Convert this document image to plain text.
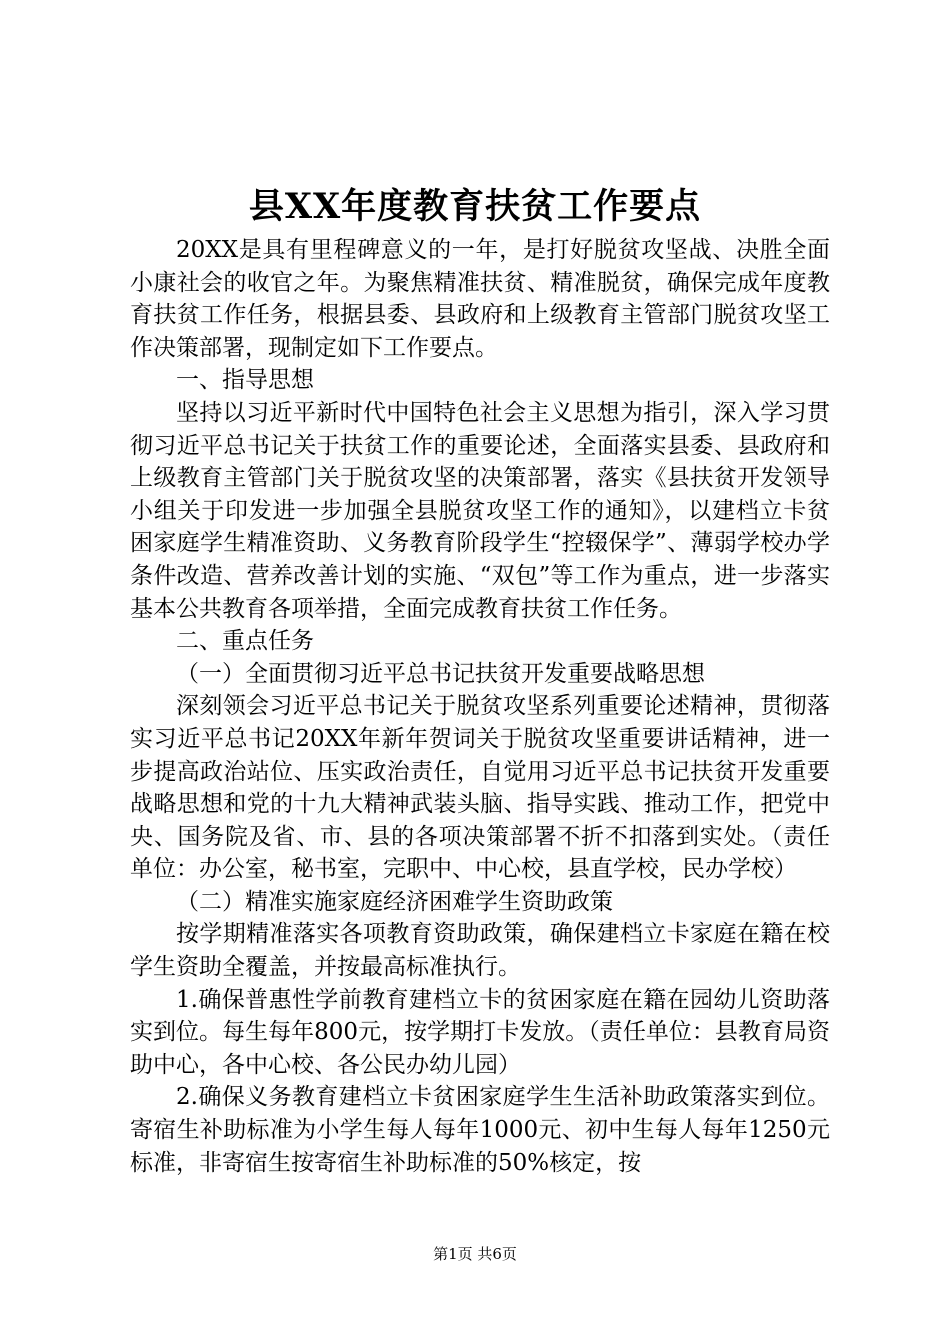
县XX年度教育扶贫工作要点

20XX是具有里程碑意义的一年，是打好脱贫攻坚战、决胜全面小康社会的收官之年。为聚焦精准扶贫、精准脱贫，确保完成年度教育扶贫工作任务，根据县委、县政府和上级教育主管部门脱贫攻坚工作决策部署，现制定如下工作要点。

一、指导思想

坚持以习近平新时代中国特色社会主义思想为指引，深入学习贯彻习近平总书记关于扶贫工作的重要论述，全面落实县委、县政府和上级教育主管部门关于脱贫攻坚的决策部署，落实《县扶贫开发领导小组关于印发进一步加强全县脱贫攻坚工作的通知》，以建档立卡贫困家庭学生精准资助、义务教育阶段学生“控辍保学”、薄弱学校办学条件改造、营养改善计划的实施、“双包”等工作为重点，进一步落实基本公共教育各项举措，全面完成教育扶贫工作任务。

二、重点任务

（一）全面贯彻习近平总书记扶贫开发重要战略思想

深刻领会习近平总书记关于脱贫攻坚系列重要论述精神，贯彻落实习近平总书记20XX年新年贺词关于脱贫攻坚重要讲话精神，进一步提高政治站位、压实政治责任，自觉用习近平总书记扶贫开发重要战略思想和党的十九大精神武装头脑、指导实践、推动工作，把党中央、国务院及省、市、县的各项决策部署不折不扣落到实处。（责任单位：办公室，秘书室，完职中、中心校，县直学校，民办学校）

（二）精准实施家庭经济困难学生资助政策

按学期精准落实各项教育资助政策，确保建档立卡家庭在籍在校学生资助全覆盖，并按最高标准执行。

1.确保普惠性学前教育建档立卡的贫困家庭在籍在园幼儿资助落实到位。每生每年800元，按学期打卡发放。（责任单位：县教育局资助中心，各中心校、各公民办幼儿园）

2.确保义务教育建档立卡贫困家庭学生生活补助政策落实到位。寄宿生补助标准为小学生每人每年1000元、初中生每人每年1250元标准，非寄宿生按寄宿生补助标准的50%核定，按

第1页 共6页
